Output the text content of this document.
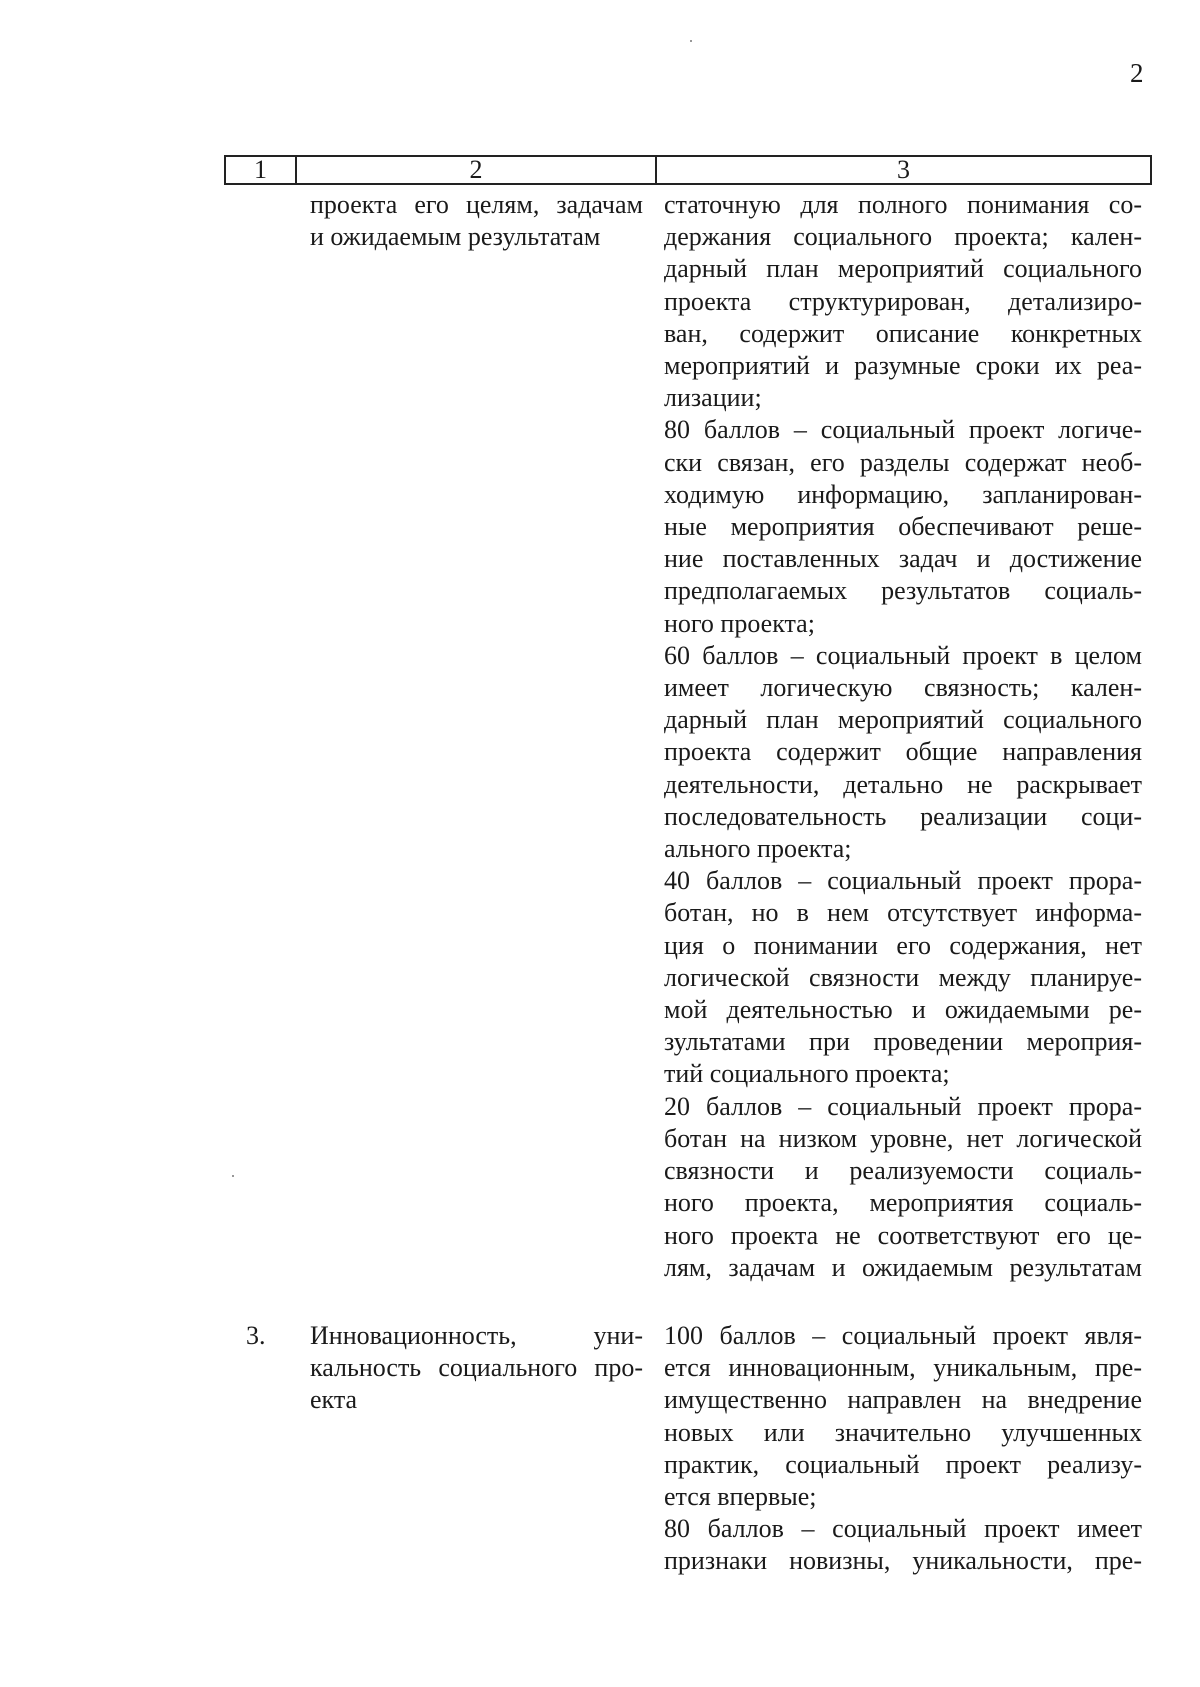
2
1	2	3
проекта его целям, задачам
и ожидаемым результатам
статочную для полного понимания со-
держания социального проекта; кален-
дарный план мероприятий социального
проекта структурирован, детализиро-
ван, содержит описание конкретных
мероприятий и разумные сроки их реа-
лизации;
80 баллов – социальный проект логиче-
ски связан, его разделы содержат необ-
ходимую информацию, запланирован-
ные мероприятия обеспечивают реше-
ние поставленных задач и достижение
предполагаемых результатов социаль-
ного проекта;
60 баллов – социальный проект в целом
имеет логическую связность; кален-
дарный план мероприятий социального
проекта содержит общие направления
деятельности, детально не раскрывает
последовательность реализации соци-
ального проекта;
40 баллов – социальный проект прора-
ботан, но в нем отсутствует информа-
ция о понимании его содержания, нет
логической связности между планируе-
мой деятельностью и ожидаемыми ре-
зультатами при проведении мероприя-
тий социального проекта;
20 баллов – социальный проект прора-
ботан на низком уровне, нет логической
связности и реализуемости социаль-
ного проекта, мероприятия социаль-
ного проекта не соответствуют его це-
лям, задачам и ожидаемым результатам
3. Инновационность, уни-
кальность социального про-
екта
100 баллов – социальный проект явля-
ется инновационным, уникальным, пре-
имущественно направлен на внедрение
новых или значительно улучшенных
практик, социальный проект реализу-
ется впервые;
80 баллов – социальный проект имеет
признаки новизны, уникальности, пре-
